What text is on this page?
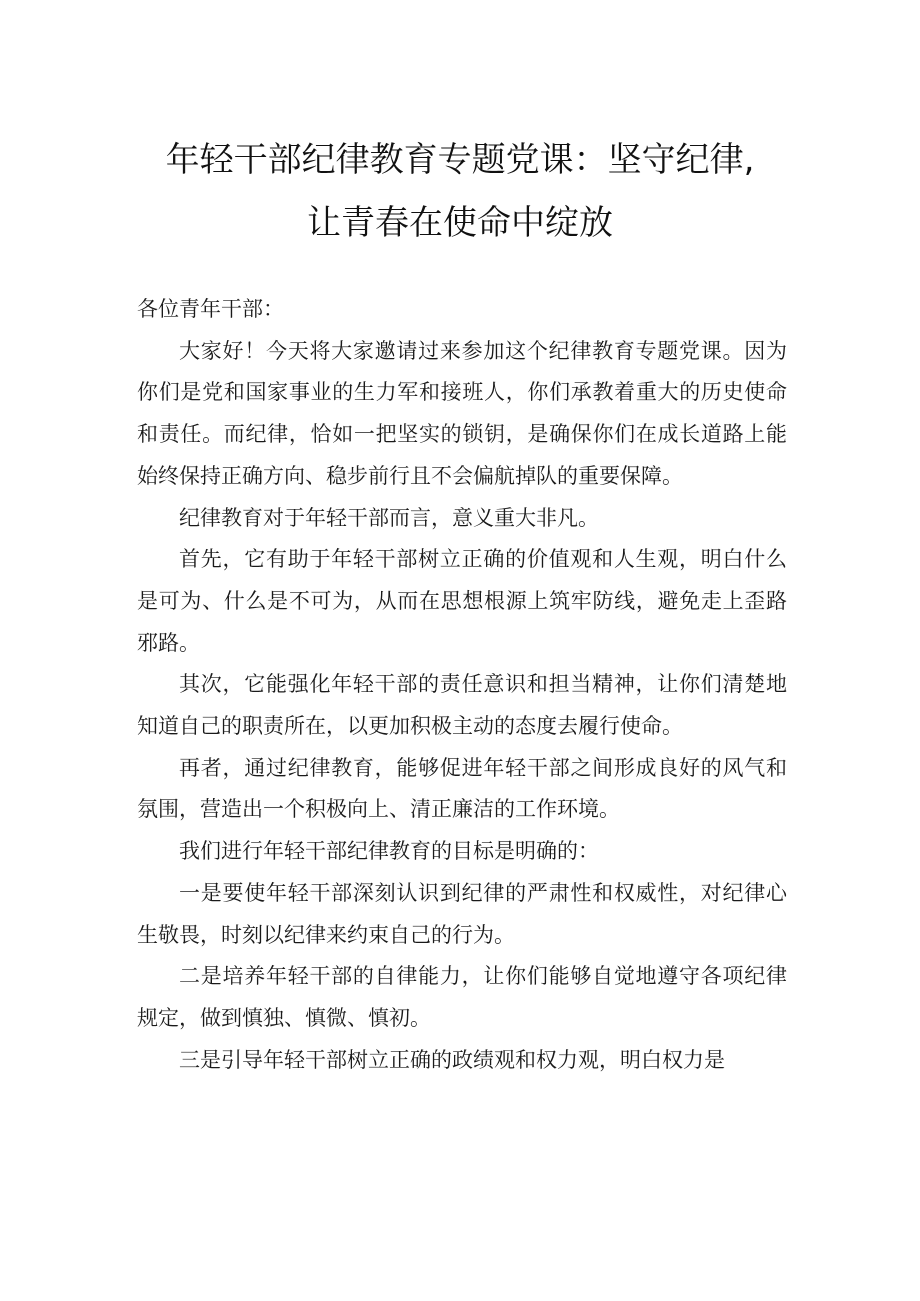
年轻干部纪律教育专题党课：坚守纪律,
让青春在使命中绽放

各位青年干部：

大家好！今天将大家邀请过来参加这个纪律教育专题党课。因为你们是党和国家事业的生力军和接班人，你们承教着重大的历史使命和责任。而纪律，恰如一把坚实的锁钥，是确保你们在成长道路上能始终保持正确方向、稳步前行且不会偏航掉队的重要保障。

纪律教育对于年轻干部而言，意义重大非凡。

首先，它有助于年轻干部树立正确的价值观和人生观，明白什么是可为、什么是不可为，从而在思想根源上筑牢防线，避免走上歪路邪路。

其次，它能强化年轻干部的责任意识和担当精神，让你们清楚地知道自己的职责所在，以更加积极主动的态度去履行使命。

再者，通过纪律教育，能够促进年轻干部之间形成良好的风气和氛围，营造出一个积极向上、清正廉洁的工作环境。

我们进行年轻干部纪律教育的目标是明确的：

一是要使年轻干部深刻认识到纪律的严肃性和权威性，对纪律心生敬畏，时刻以纪律来约束自己的行为。

二是培养年轻干部的自律能力，让你们能够自觉地遵守各项纪律规定，做到慎独、慎微、慎初。

三是引导年轻干部树立正确的政绩观和权力观，明白权力是
